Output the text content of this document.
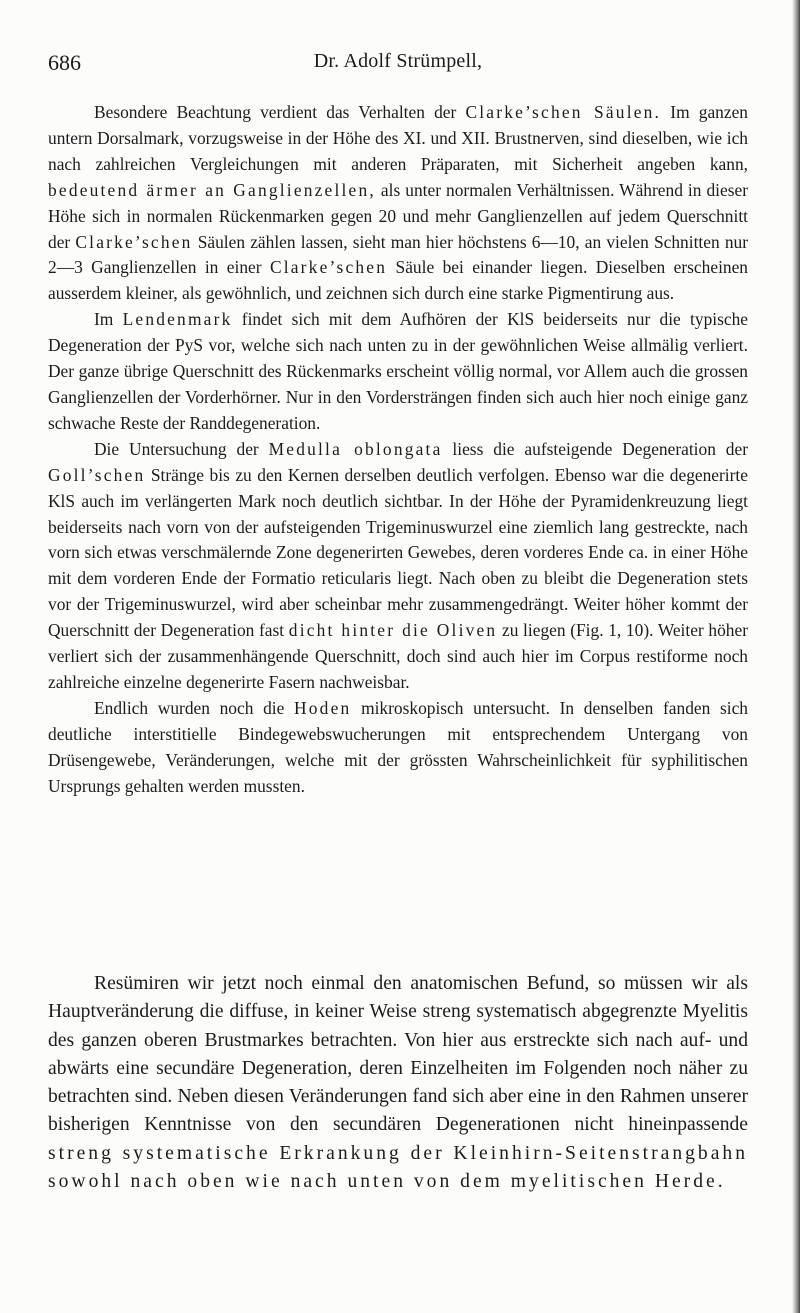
686	Dr. Adolf Strümpell,

Besondere Beachtung verdient das Verhalten der Clarke’schen Säulen. Im ganzen untern Dorsalmark, vorzugsweise in der Höhe des XI. und XII. Brustnerven, sind dieselben, wie ich nach zahlreichen Vergleichungen mit anderen Präparaten, mit Sicherheit angeben kann, bedeutend ärmer an Ganglienzellen, als unter normalen Verhältnissen. Während in dieser Höhe sich in normalen Rückenmarken gegen 20 und mehr Ganglienzellen auf jedem Querschnitt der Clarke’schen Säulen zählen lassen, sieht man hier höchstens 6—10, an vielen Schnitten nur 2—3 Ganglienzellen in einer Clarke’schen Säule bei einander liegen. Dieselben erscheinen ausserdem kleiner, als gewöhnlich, und zeichnen sich durch eine starke Pigmentirung aus.

Im Lendenmark findet sich mit dem Aufhören der KlS beiderseits nur die typische Degeneration der PyS vor, welche sich nach unten zu in der gewöhnlichen Weise allmälig verliert. Der ganze übrige Querschnitt des Rückenmarks erscheint völlig normal, vor Allem auch die grossen Ganglienzellen der Vorderhörner. Nur in den Vordersträngen finden sich auch hier noch einige ganz schwache Reste der Randdegeneration.

Die Untersuchung der Medulla oblongata liess die aufsteigende Degeneration der Goll’schen Stränge bis zu den Kernen derselben deutlich verfolgen. Ebenso war die degenerirte KlS auch im verlängerten Mark noch deutlich sichtbar. In der Höhe der Pyramidenkreuzung liegt beiderseits nach vorn von der aufsteigenden Trigeminuswurzel eine ziemlich lang gestreckte, nach vorn sich etwas verschmälernde Zone degenerirten Gewebes, deren vorderes Ende ca. in einer Höhe mit dem vorderen Ende der Formatio reticularis liegt. Nach oben zu bleibt die Degeneration stets vor der Trigeminuswurzel, wird aber scheinbar mehr zusammengedrängt. Weiter höher kommt der Querschnitt der Degeneration fast dicht hinter die Oliven zu liegen (Fig. 1, 10). Weiter höher verliert sich der zusammenhängende Querschnitt, doch sind auch hier im Corpus restiforme noch zahlreiche einzelne degenerirte Fasern nachweisbar.

Endlich wurden noch die Hoden mikroskopisch untersucht. In denselben fanden sich deutliche interstitielle Bindegewebswucherungen mit entsprechendem Untergang von Drüsengewebe, Veränderungen, welche mit der grössten Wahrscheinlichkeit für syphilitischen Ursprungs gehalten werden mussten.

Resümiren wir jetzt noch einmal den anatomischen Befund, so müssen wir als Hauptveränderung die diffuse, in keiner Weise streng systematisch abgegrenzte Myelitis des ganzen oberen Brustmarkes betrachten. Von hier aus erstreckte sich nach auf- und abwärts eine secundäre Degeneration, deren Einzelheiten im Folgenden noch näher zu betrachten sind. Neben diesen Veränderungen fand sich aber eine in den Rahmen unserer bisherigen Kenntnisse von den secundären Degenerationen nicht hineinpassende streng systematische Erkrankung der Kleinhirn-Seitenstrangbahn sowohl nach oben wie nach unten von dem myelitischen Herde.
